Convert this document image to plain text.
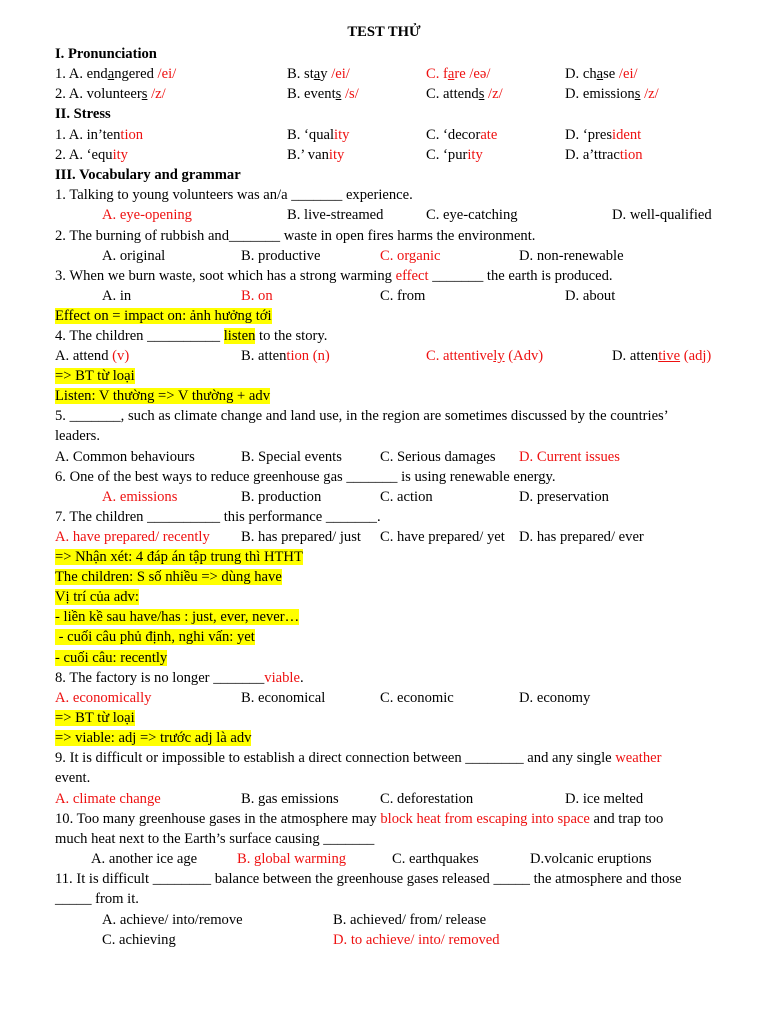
TEST THỬ
I. Pronunciation
1. A. endangered /ei/	B. stay /ei/	C. fare /eə/	D. chase /ei/
2. A. volunteers /z/	B. events /s/	C. attends /z/	D. emissions /z/
II. Stress
1. A. in’tention	B. ‘quality	C. ‘decorate	D. ‘president
2. A. ‘equity	B.’ vanity	C. ‘purity	D. a’ttraction
III. Vocabulary and grammar
1. Talking to young volunteers was an/a _______ experience.
A. eye-opening	B. live-streamed	C. eye-catching	D. well-qualified
2. The burning of rubbish and_______ waste in open fires harms the environment.
A. original	B. productive	C. organic	D. non-renewable
3. When we burn waste, soot which has a strong warming effect _______ the earth is produced.
A. in	B. on	C. from	D. about
Effect on = impact on: ảnh hưởng tới
4. The children __________ listen to the story.
A. attend (v)	B. attention (n)	C. attentively (Adv)	D. attentive (adj)
=> BT từ loại
Listen: V thường => V thường + adv
5. _______, such as climate change and land use, in the region are sometimes discussed by the countries’
leaders.
A. Common behaviours	B. Special events	C. Serious damages D. Current issues
6. One of the best ways to reduce greenhouse gas _______ is using renewable energy.
A. emissions	B. production	C. action	D. preservation
7. The children __________ this performance _______.
A. have prepared/ recently B. has prepared/ just C. have prepared/ yet D. has prepared/ ever
=> Nhận xét: 4 đáp án tập trung thì HTHT
The children: S số nhiều => dùng have
Vị trí của adv:
- liền kề sau have/has : just, ever, never…
- cuối câu phủ định, nghi vấn: yet
- cuối câu: recently
8. The factory is no longer _______viable.
A. economically	B. economical	C. economic	D. economy
=> BT từ loại
=> viable: adj => trước adj là adv
9. It is difficult or impossible to establish a direct connection between ________ and any single weather
event.
A. climate change	B. gas emissions	C. deforestation	D. ice melted
10. Too many greenhouse gases in the atmosphere may block heat from escaping into space and trap too
much heat next to the Earth’s surface causing _______
A. another ice age	B. global warming	C. earthquakes	D.volcanic eruptions
11. It is difficult ________ balance between the greenhouse gases released _____ the atmosphere and those
_____ from it.
A. achieve/ into/remove	B. achieved/ from/ release
C. achieving	D. to achieve/ into/ removed
